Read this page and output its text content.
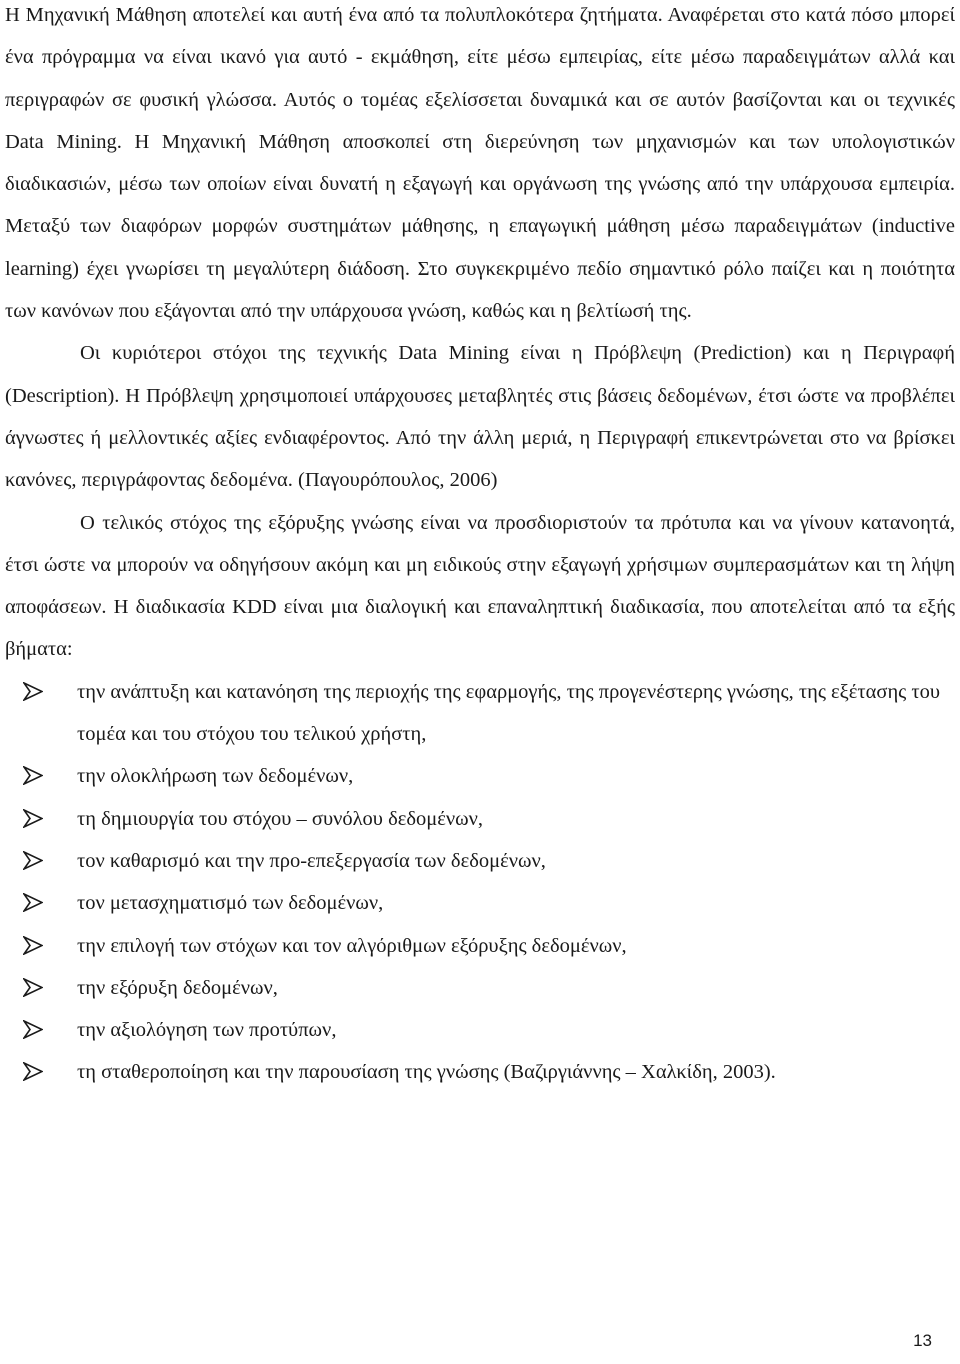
Η Μηχανική Μάθηση αποτελεί και αυτή ένα από τα πολυπλοκότερα ζητήματα. Αναφέρεται στο κατά πόσο μπορεί ένα πρόγραμμα να είναι ικανό για αυτό - εκμάθηση, είτε μέσω εμπειρίας, είτε μέσω παραδειγμάτων αλλά και περιγραφών σε φυσική γλώσσα. Αυτός ο τομέας εξελίσσεται δυναμικά και σε αυτόν βασίζονται και οι τεχνικές Data Mining. Η Μηχανική Μάθηση αποσκοπεί στη διερεύνηση των μηχανισμών και των υπολογιστικών διαδικασιών, μέσω των οποίων είναι δυνατή η εξαγωγή και οργάνωση της γνώσης από την υπάρχουσα εμπειρία. Μεταξύ των διαφόρων μορφών συστημάτων μάθησης, η επαγωγική μάθηση μέσω παραδειγμάτων (inductive learning) έχει γνωρίσει τη μεγαλύτερη διάδοση. Στο συγκεκριμένο πεδίο σημαντικό ρόλο παίζει και η ποιότητα των κανόνων που εξάγονται από την υπάρχουσα γνώση, καθώς και η βελτίωσή της.

Οι κυριότεροι στόχοι της τεχνικής Data Mining είναι η Πρόβλεψη (Prediction) και η Περιγραφή (Description). Η Πρόβλεψη χρησιμοποιεί υπάρχουσες μεταβλητές στις βάσεις δεδομένων, έτσι ώστε να προβλέπει άγνωστες ή μελλοντικές αξίες ενδιαφέροντος. Από την άλλη μεριά, η Περιγραφή επικεντρώνεται στο να βρίσκει κανόνες, περιγράφοντας δεδομένα. (Παγουρόπουλος, 2006)

Ο τελικός στόχος της εξόρυξης γνώσης είναι να προσδιοριστούν τα πρότυπα και να γίνουν κατανοητά, έτσι ώστε να μπορούν να οδηγήσουν ακόμη και μη ειδικούς στην εξαγωγή χρήσιμων συμπερασμάτων και τη λήψη αποφάσεων. Η διαδικασία KDD είναι μια διαλογική και επαναληπτική διαδικασία, που αποτελείται από τα εξής βήματα:

την ανάπτυξη και κατανόηση της περιοχής της εφαρμογής, της προγενέστερης γνώσης, της εξέτασης του τομέα και του στόχου του τελικού χρήστη,
την ολοκλήρωση των δεδομένων,
τη δημιουργία του στόχου – συνόλου δεδομένων,
τον καθαρισμό και την προ-επεξεργασία των δεδομένων,
τον μετασχηματισμό των δεδομένων,
την επιλογή των στόχων και τον αλγόριθμων εξόρυξης δεδομένων,
την εξόρυξη δεδομένων,
την αξιολόγηση των προτύπων,
τη σταθεροποίηση και την παρουσίαση της γνώσης (Βαζιργιάννης – Χαλκίδη, 2003).
13
